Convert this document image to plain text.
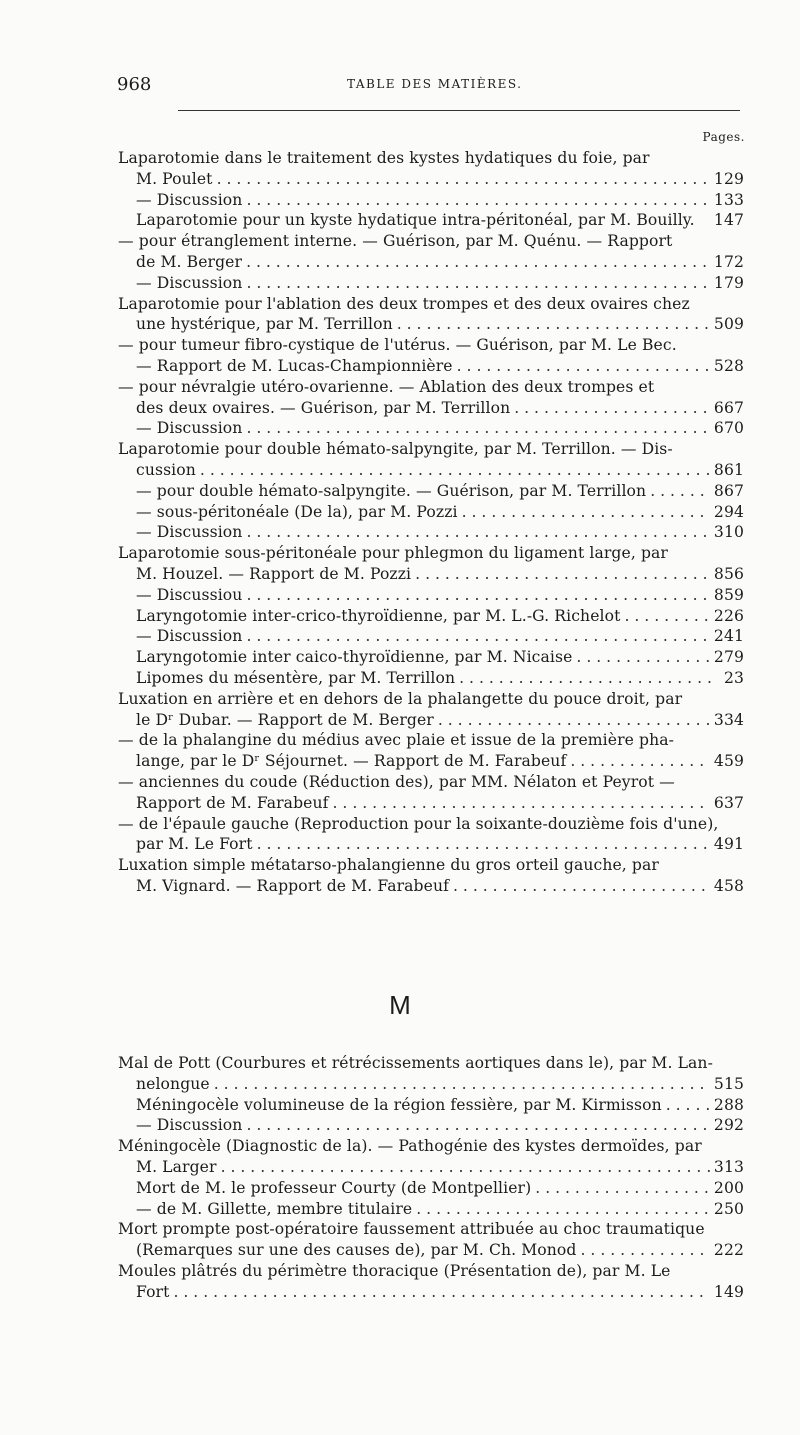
968	TABLE DES MATIÈRES.
Pages.
Laparotomie dans le traitement des kystes hydatiques du foie, par
M. Poulet . . .	129
— Discussion . . .	133
Laparotomie pour un kyste hydatique intra-péritonéal, par M. Bouilly. 147
— pour étranglement interne. — Guérison, par M. Quénu. — Rapport
de M. Berger . . .	172
— Discussion . . .	179
Laparotomie pour l'ablation des deux trompes et des deux ovaires chez
une hystérique, par M. Terrillon . . .	509
— pour tumeur fibro-cystique de l'utérus. — Guérison, par M. Le Bec.
— Rapport de M. Lucas-Championnière . . .	528
— pour névralgie utéro-ovarienne. — Ablation des deux trompes et
des deux ovaires. — Guérison, par M. Terrillon . . .	667
— Discussion . . .	670
Laparotomie pour double hémato-salpyngite, par M. Terrillon. — Dis-
cussion . . .	861
— pour double hémato-salpyngite. — Guérison, par M. Terrillon . . .	867
— sous-péritonéale (De la), par M. Pozzi . . .	294
— Discussion . . .	310
Laparotomie sous-péritonéale pour phlegmon du ligament large, par
M. Houzel. — Rapport de M. Pozzi . . .	856
— Discussiou . . .	859
Laryngotomie inter-crico-thyroïdienne, par M. L.-G. Richelot . . .	226
— Discussion . . .	241
Laryngotomie inter caico-thyroïdienne, par M. Nicaise . . .	279
Lipomes du mésentère, par M. Terrillon . . .	23
Luxation en arrière et en dehors de la phalangette du pouce droit, par
le Dʳ Dubar. — Rapport de M. Berger . . .	334
— de la phalangine du médius avec plaie et issue de la première pha-
lange, par le Dʳ Séjournet. — Rapport de M. Farabeuf . . .	459
— anciennes du coude (Réduction des), par MM. Nélaton et Peyrot —
Rapport de M. Farabeuf . . .	637
— de l'épaule gauche (Reproduction pour la soixante-douzième fois d'une),
par M. Le Fort . . .	491
Luxation simple métatarso-phalangienne du gros orteil gauche, par
M. Vignard. — Rapport de M. Farabeuf . . .	458
M
Mal de Pott (Courbures et rétrécissements aortiques dans le), par M. Lan-
nelongue . . .	515
Méningocèle volumineuse de la région fessière, par M. Kirmisson . . .	288
— Discussion . . .	292
Méningocèle (Diagnostic de la). — Pathogénie des kystes dermoïdes, par
M. Larger . . .	313
Mort de M. le professeur Courty (de Montpellier) . . .	200
— de M. Gillette, membre titulaire . . .	250
Mort prompte post-opératoire faussement attribuée au choc traumatique
(Remarques sur une des causes de), par M. Ch. Monod . . .	222
Moules plâtrés du périmètre thoracique (Présentation de), par M. Le
Fort . . .	149
